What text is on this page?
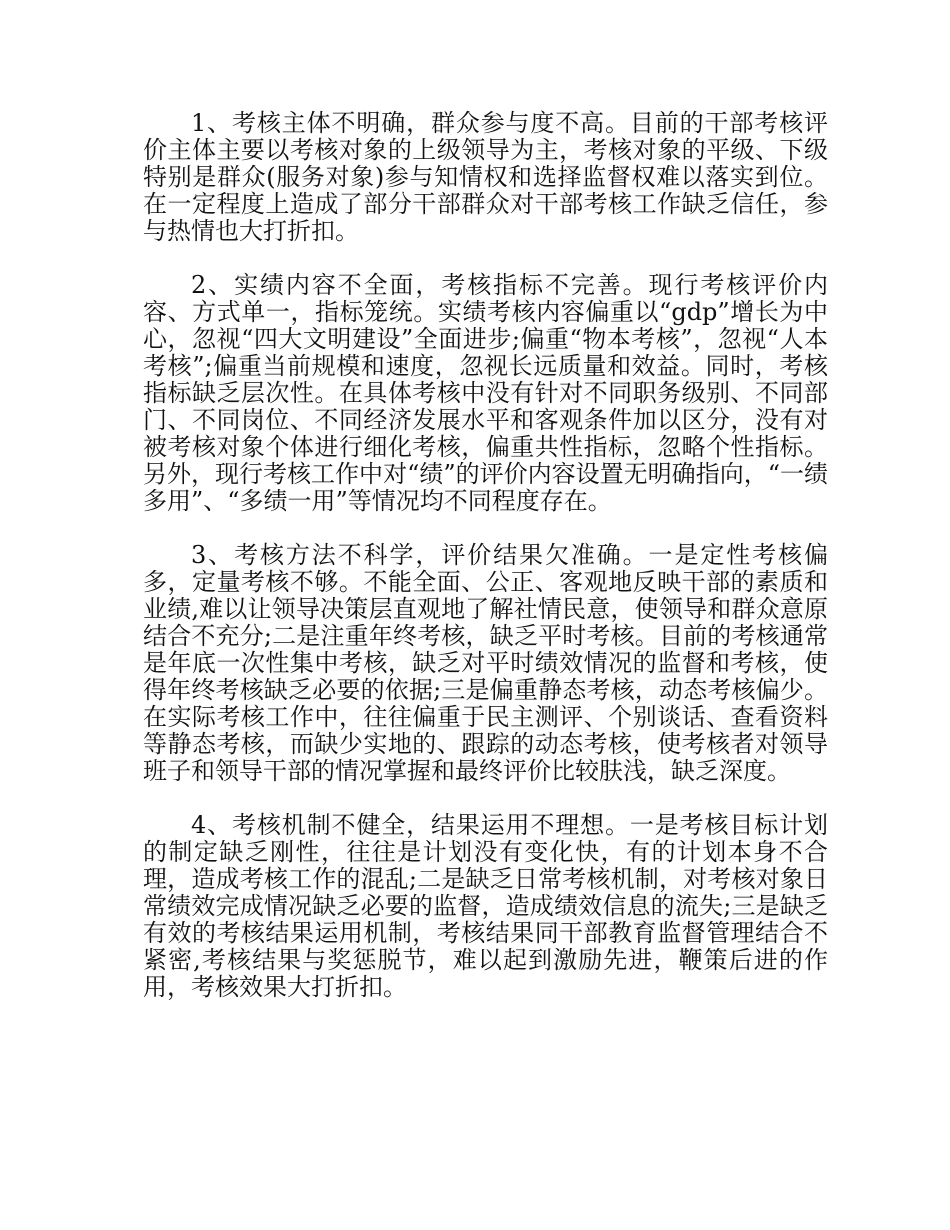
1、考核主体不明确，群众参与度不高。目前的干部考核评价主体主要以考核对象的上级领导为主，考核对象的平级、下级特别是群众(服务对象)参与知情权和选择监督权难以落实到位。在一定程度上造成了部分干部群众对干部考核工作缺乏信任，参与热情也大打折扣。

2、实绩内容不全面，考核指标不完善。现行考核评价内容、方式单一，指标笼统。实绩考核内容偏重以“gdp”增长为中心，忽视“四大文明建设”全面进步;偏重“物本考核”，忽视“人本考核”;偏重当前规模和速度，忽视长远质量和效益。同时，考核指标缺乏层次性。在具体考核中没有针对不同职务级别、不同部门、不同岗位、不同经济发展水平和客观条件加以区分，没有对被考核对象个体进行细化考核，偏重共性指标，忽略个性指标。另外，现行考核工作中对“绩”的评价内容设置无明确指向，“一绩多用”、“多绩一用”等情况均不同程度存在。

3、考核方法不科学，评价结果欠准确。一是定性考核偏多，定量考核不够。不能全面、公正、客观地反映干部的素质和业绩,难以让领导决策层直观地了解社情民意，使领导和群众意原结合不充分;二是注重年终考核，缺乏平时考核。目前的考核通常是年底一次性集中考核，缺乏对平时绩效情况的监督和考核，使得年终考核缺乏必要的依据;三是偏重静态考核，动态考核偏少。在实际考核工作中，往往偏重于民主测评、个别谈话、查看资料等静态考核，而缺少实地的、跟踪的动态考核，使考核者对领导班子和领导干部的情况掌握和最终评价比较肤浅，缺乏深度。

4、考核机制不健全，结果运用不理想。一是考核目标计划的制定缺乏刚性，往往是计划没有变化快，有的计划本身不合理，造成考核工作的混乱;二是缺乏日常考核机制，对考核对象日常绩效完成情况缺乏必要的监督，造成绩效信息的流失;三是缺乏有效的考核结果运用机制，考核结果同干部教育监督管理结合不紧密,考核结果与奖惩脱节，难以起到激励先进，鞭策后进的作用，考核效果大打折扣。
